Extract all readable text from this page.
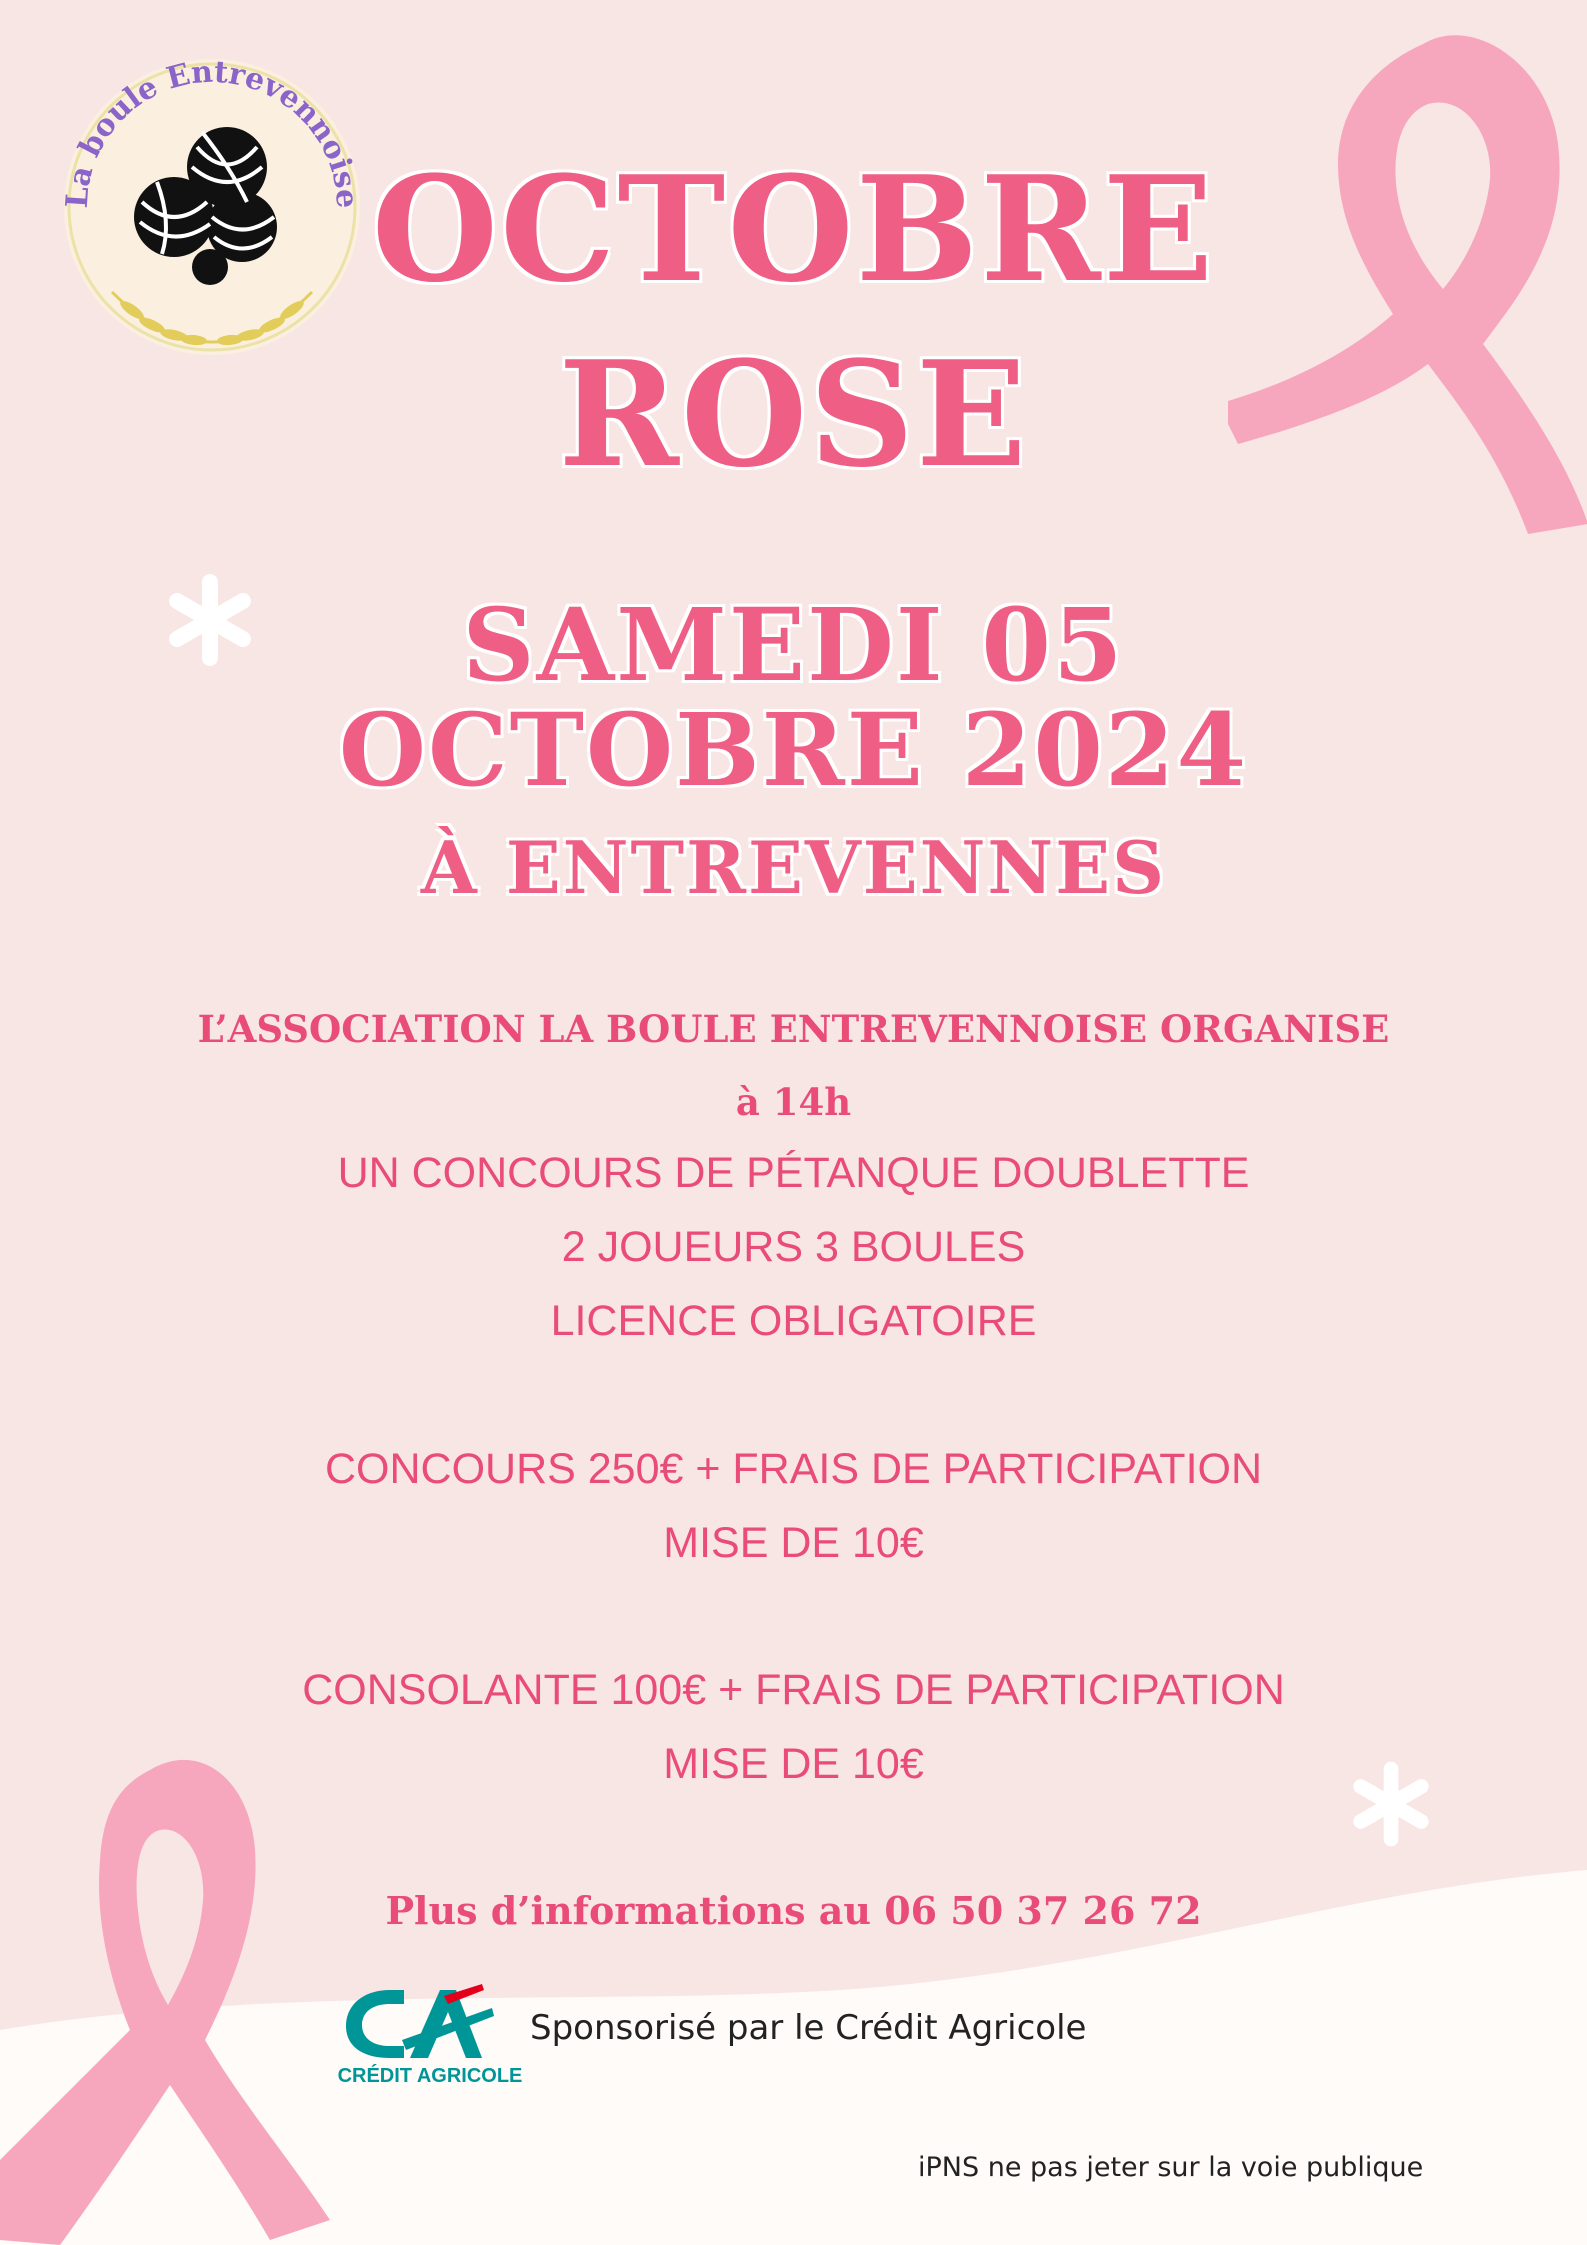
La boule Entrevennoise OCTOBRE
ROSE
SAMEDI 05
OCTOBRE 2024
À ENTREVENNES
L’ASSOCIATION LA BOULE ENTREVENNOISE ORGANISE
à 14h
UN CONCOURS DE PÉTANQUE DOUBLETTE
2 JOUEURS 3 BOULES
LICENCE OBLIGATOIRE
CONCOURS 250€ + FRAIS DE PARTICIPATION
MISE DE 10€
CONSOLANTE 100€ + FRAIS DE PARTICIPATION
MISE DE 10€
Plus d’informations au 06 50 37 26 72
CRÉDIT AGRICOLE
Sponsorisé par le Crédit Agricole
iPNS ne pas jeter sur la voie publique
